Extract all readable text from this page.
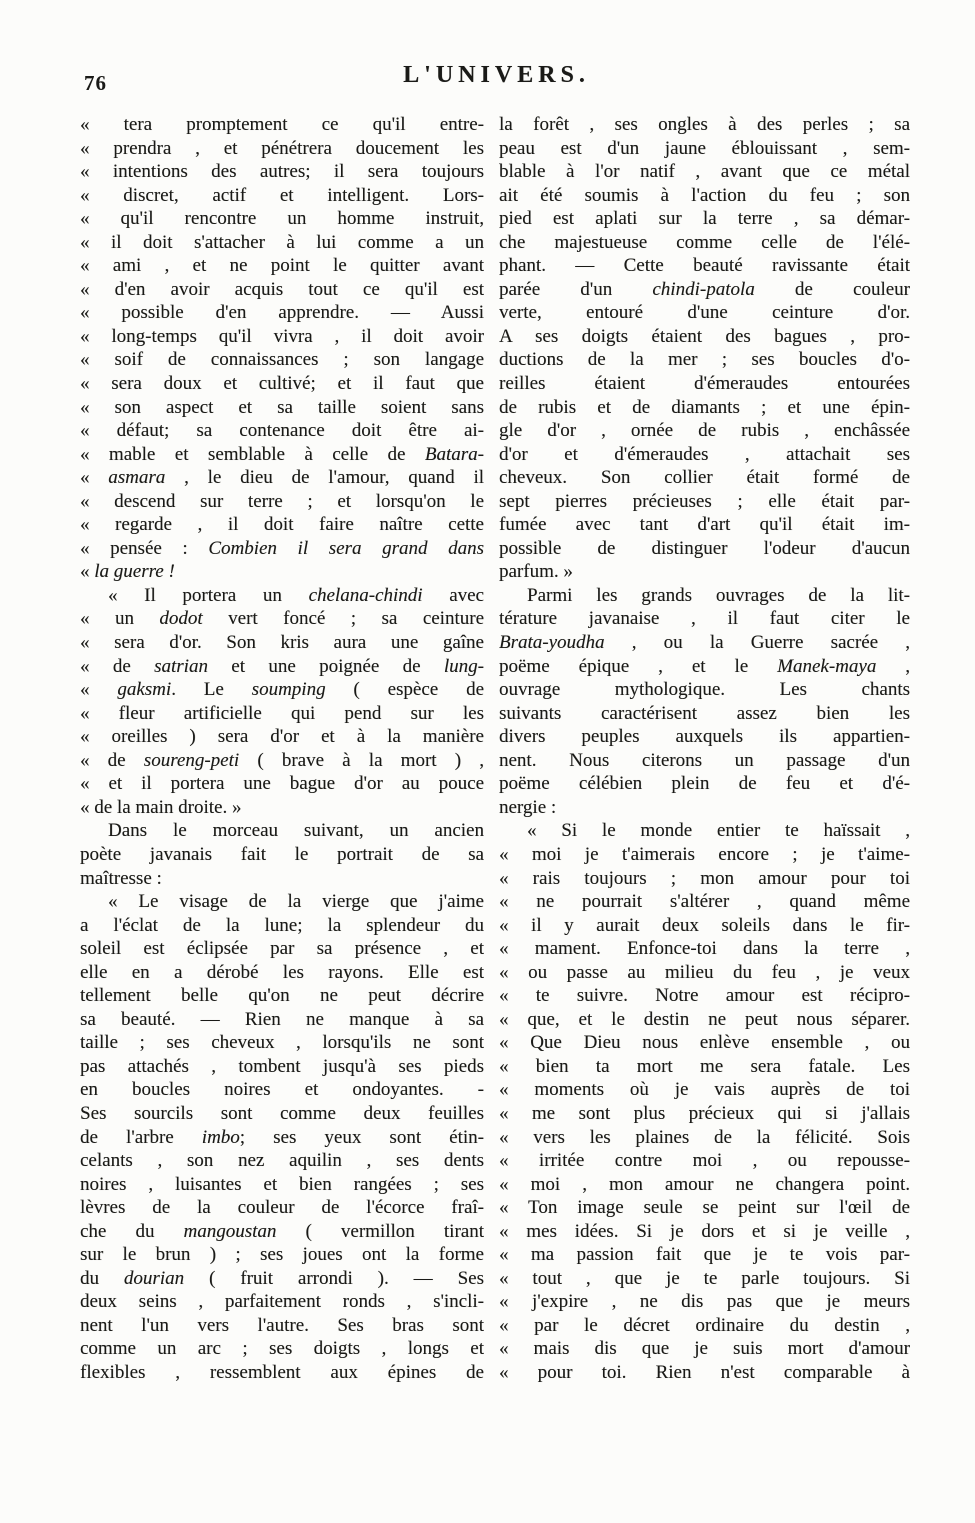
76	L'UNIVERS.
« tera promptement ce qu'il entre-
« prendra , et pénétrera doucement les
« intentions des autres; il sera toujours
« discret, actif et intelligent. Lors-
« qu'il rencontre un homme instruit,
« il doit s'attacher à lui comme a un
« ami , et ne point le quitter avant
« d'en avoir acquis tout ce qu'il est
« possible d'en apprendre. — Aussi
« long-temps qu'il vivra , il doit avoir
« soif de connaissances ; son langage
« sera doux et cultivé; et il faut que
« son aspect et sa taille soient sans
« défaut; sa contenance doit être ai-
« mable et semblable à celle de Batara-
« asmara , le dieu de l'amour, quand il
« descend sur terre ; et lorsqu'on le
« regarde , il doit faire naître cette
« pensée : Combien il sera grand dans
« la guerre !
« Il portera un chelana-chindi avec
« un dodot vert foncé ; sa ceinture
« sera d'or. Son kris aura une gaîne
« de satrian et une poignée de lung-
« gaksmi. Le soumping ( espèce de
« fleur artificielle qui pend sur les
« oreilles ) sera d'or et à la manière
« de soureng-peti ( brave à la mort ) ,
« et il portera une bague d'or au pouce
« de la main droite. »
Dans le morceau suivant, un ancien
poète javanais fait le portrait de sa
maîtresse :
« Le visage de la vierge que j'aime
a l'éclat de la lune; la splendeur du
soleil est éclipsée par sa présence , et
elle en a dérobé les rayons. Elle est
tellement belle qu'on ne peut décrire
sa beauté. — Rien ne manque à sa
taille ; ses cheveux , lorsqu'ils ne sont
pas attachés , tombent jusqu'à ses pieds
en boucles noires et ondoyantes. -
Ses sourcils sont comme deux feuilles
de l'arbre imbo; ses yeux sont étin-
celants , son nez aquilin , ses dents
noires , luisantes et bien rangées ; ses
lèvres de la couleur de l'écorce fraî-
che du mangoustan ( vermillon tirant
sur le brun ) ; ses joues ont la forme
du dourian ( fruit arrondi ). — Ses
deux seins , parfaitement ronds , s'incli-
nent l'un vers l'autre. Ses bras sont
comme un arc ; ses doigts , longs et
flexibles , ressemblent aux épines de
la forêt , ses ongles à des perles ; sa
peau est d'un jaune éblouissant , sem-
blable à l'or natif , avant que ce métal
ait été soumis à l'action du feu ; son
pied est aplati sur la terre , sa démar-
che majestueuse comme celle de l'élé-
phant. — Cette beauté ravissante était
parée d'un chindi-patola de couleur
verte, entouré d'une ceinture d'or.
A ses doigts étaient des bagues , pro-
ductions de la mer ; ses boucles d'o-
reilles étaient d'émeraudes entourées
de rubis et de diamants ; et une épin-
gle d'or , ornée de rubis , enchâssée
d'or et d'émeraudes , attachait ses
cheveux. Son collier était formé de
sept pierres précieuses ; elle était par-
fumée avec tant d'art qu'il était im-
possible de distinguer l'odeur d'aucun
parfum. »
Parmi les grands ouvrages de la lit-
térature javanaise , il faut citer le
Brata-youdha , ou la Guerre sacrée ,
poëme épique , et le Manek-maya ,
ouvrage mythologique. Les chants
suivants caractérisent assez bien les
divers peuples auxquels ils appartien-
nent. Nous citerons un passage d'un
poëme célébien plein de feu et d'é-
nergie :
« Si le monde entier te haïssait ,
« moi je t'aimerais encore ; je t'aime-
« rais toujours ; mon amour pour toi
« ne pourrait s'altérer , quand même
« il y aurait deux soleils dans le fir-
« mament. Enfonce-toi dans la terre ,
« ou passe au milieu du feu , je veux
« te suivre. Notre amour est récipro-
« que, et le destin ne peut nous séparer.
« Que Dieu nous enlève ensemble , ou
« bien ta mort me sera fatale. Les
« moments où je vais auprès de toi
« me sont plus précieux qui si j'allais
« vers les plaines de la félicité. Sois
« irritée contre moi , ou repousse-
« moi , mon amour ne changera point.
« Ton image seule se peint sur l'œil de
« mes idées. Si je dors et si je veille ,
« ma passion fait que je te vois par-
« tout , que je te parle toujours. Si
« j'expire , ne dis pas que je meurs
« par le décret ordinaire du destin ,
« mais dis que je suis mort d'amour
« pour toi. Rien n'est comparable à
